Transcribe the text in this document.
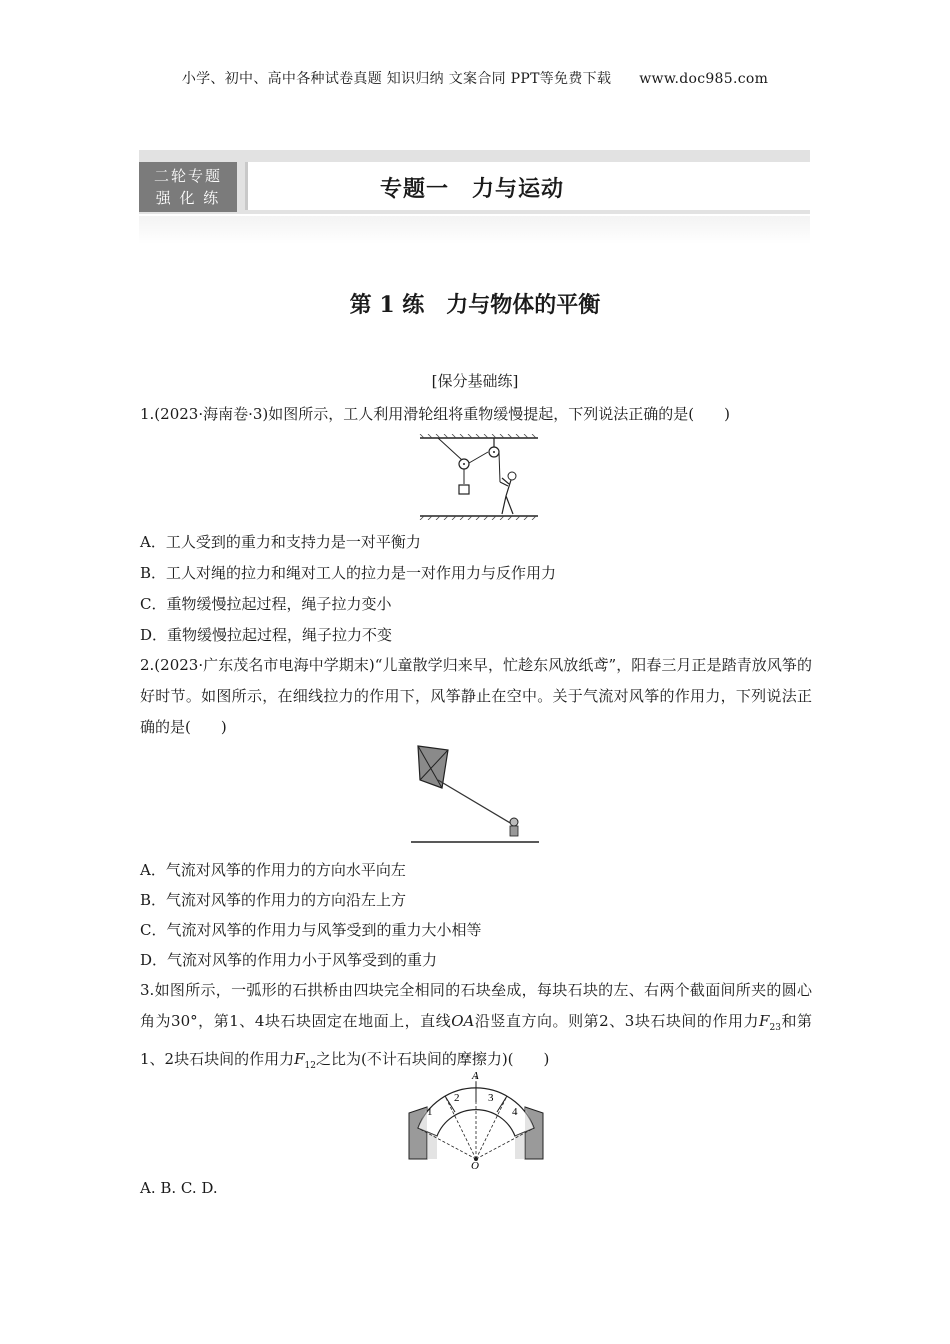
小学、初中、高中各种试卷真题 知识归纳 文案合同 PPT等免费下载 www.doc985.com
二轮专题
强 化 练	专题一　力与运动
第 1 练　力与物体的平衡
[保分基础练]
1.(2023·海南卷·3)如图所示，工人利用滑轮组将重物缓慢提起，下列说法正确的是(　　)
A．工人受到的重力和支持力是一对平衡力
B．工人对绳的拉力和绳对工人的拉力是一对作用力与反作用力
C．重物缓慢拉起过程，绳子拉力变小
D．重物缓慢拉起过程，绳子拉力不变
2.(2023·广东茂名市电海中学期末)“儿童散学归来早，忙趁东风放纸鸢”，阳春三月正是踏青放风筝的好时节。如图所示，在细线拉力的作用下，风筝静止在空中。关于气流对风筝的作用力，下列说法正确的是(　　)
A．气流对风筝的作用力的方向水平向左
B．气流对风筝的作用力的方向沿左上方
C．气流对风筝的作用力与风筝受到的重力大小相等
D．气流对风筝的作用力小于风筝受到的重力
3.如图所示，一弧形的石拱桥由四块完全相同的石块垒成，每块石块的左、右两个截面间所夹的圆心角为30°，第1、4块石块固定在地面上，直线OA沿竖直方向。则第2、3块石块间的作用力$F_{23}$和第1、2块石块间的作用力$F_{12}$之比为(不计石块间的摩擦力)(　　)
A
O
1
2	3
4
A. B. C. D.
